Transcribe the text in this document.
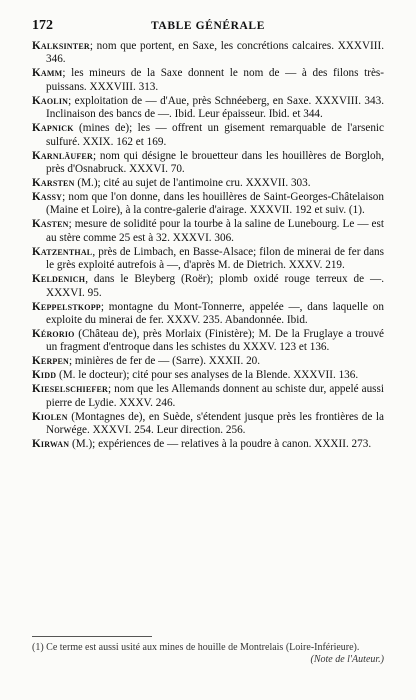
172	TABLE GÉNÉRALE

Kalksinter; nom que portent, en Saxe, les concrétions calcaires. XXXVIII. 346.

Kamm; les mineurs de la Saxe donnent le nom de — à des filons très-puissans. XXXVIII. 313.

Kaolin; exploitation de — d'Aue, près Schnéeberg, en Saxe. XXXVIII. 343. Inclinaison des bancs de —. Ibid. Leur épaisseur. Ibid. et 344.

Kapnick (mines de); les — offrent un gisement remarquable de l'arsenic sulfuré. XXIX. 162 et 169.

Karnläufer; nom qui désigne le brouetteur dans les houillères de Borgloh, près d'Osnabruck. XXXVI. 70.

Karsten (M.); cité au sujet de l'antimoine cru. XXXVII. 303.

Kassy; nom que l'on donne, dans les houillères de Saint-Georges-Châtelaison (Maine et Loire), à la contre-galerie d'airage. XXXVII. 192 et suiv. (1).

Kasten; mesure de solidité pour la tourbe à la saline de Lunebourg. Le — est au stère comme 25 est à 32. XXXVI. 306.

Katzenthal, près de Limbach, en Basse-Alsace; filon de minerai de fer dans le grès exploité autrefois à —, d'après M. de Dietrich. XXXV. 219.

Keldenich, dans le Bleyberg (Roër); plomb oxidé rouge terreux de —. XXXVI. 95.

Keppelstkopp; montagne du Mont-Tonnerre, appelée —, dans laquelle on exploite du minerai de fer. XXXV. 235. Abandonnée. Ibid.

Kérorio (Château de), près Morlaix (Finistère); M. De la Fruglaye a trouvé un fragment d'entroque dans les schistes du XXXV. 123 et 136.

Kerpen; minières de fer de — (Sarre). XXXII. 20.

Kidd (M. le docteur); cité pour ses analyses de la Blende. XXXVII. 136.

Kieselschiefer; nom que les Allemands donnent au schiste dur, appelé aussi pierre de Lydie. XXXV. 246.

Kiolen (Montagnes de), en Suède, s'étendent jusque près les frontières de la Norwége. XXXVI. 254. Leur direction. 256.

Kirwan (M.); expériences de — relatives à la poudre à canon. XXXII. 273.

(1) Ce terme est aussi usité aux mines de houille de Montrelais (Loire-Inférieure).
(Note de l'Auteur.)
